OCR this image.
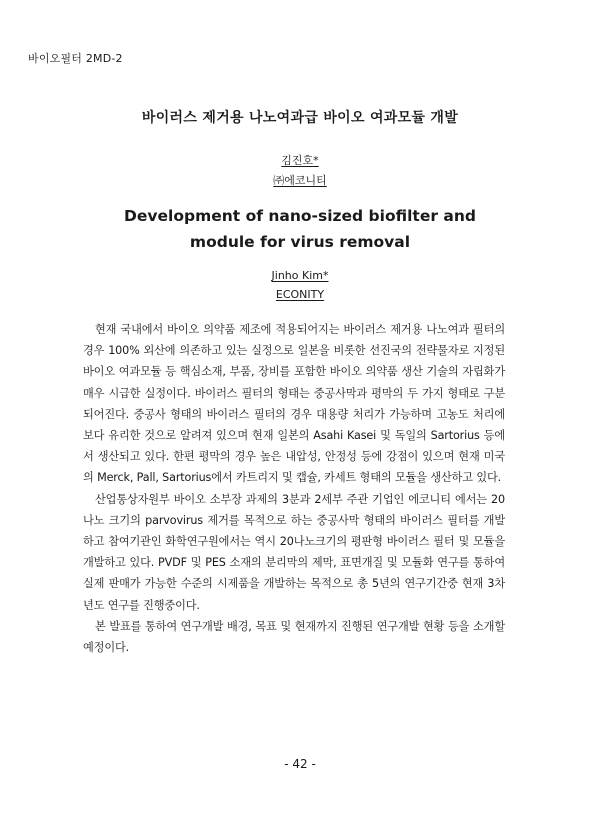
바이오필터 2MD-2
바이러스 제거용 나노여과급 바이오 여과모듈 개발
김진호*
㈜에코니티
Development of nano-sized biofilter and module for virus removal
Jinho Kim*
ECONITY

현재 국내에서 바이오 의약품 제조에 적용되어지는 바이러스 제거용 나노여과 필터의 경우 100% 외산에 의존하고 있는 실정으로 일본을 비롯한 선진국의 전략물자로 지정된 바이오 여과모듈 등 핵심소재, 부품, 장비를 포함한 바이오 의약품 생산 기술의 자립화가 매우 시급한 실정이다. 바이러스 필터의 형태는 중공사막과 평막의 두 가지 형태로 구분되어진다. 중공사 형태의 바이러스 필터의 경우 대용량 처리가 가능하며 고농도 처리에 보다 유리한 것으로 알려져 있으며 현재 일본의 Asahi Kasei 및 독일의 Sartorius 등에서 생산되고 있다. 한편 평막의 경우 높은 내압성, 안정성 등에 강점이 있으며 현재 미국의 Merck, Pall, Sartorius에서 카트리지 및 캡슐, 카세트 형태의 모듈을 생산하고 있다.

산업통상자원부 바이오 소부장 과제의 3분과 2세부 주관 기업인 에코니티 에서는 20나노 크기의 parvovirus 제거를 목적으로 하는 중공사막 형태의 바이러스 필터를 개발하고 참여기관인 화학연구원에서는 역시 20나노크기의 평판형 바이러스 필터 및 모듈을 개발하고 있다. PVDF 및 PES 소재의 분리막의 제막, 표면개질 및 모듈화 연구를 통하여 실제 판매가 가능한 수준의 시제품을 개발하는 목적으로 총 5년의 연구기간중 현재 3차년도 연구를 진행중이다.

본 발표를 통하여 연구개발 배경, 목표 및 현재까지 진행된 연구개발 현황 등을 소개할 예정이다.

- 42 -
